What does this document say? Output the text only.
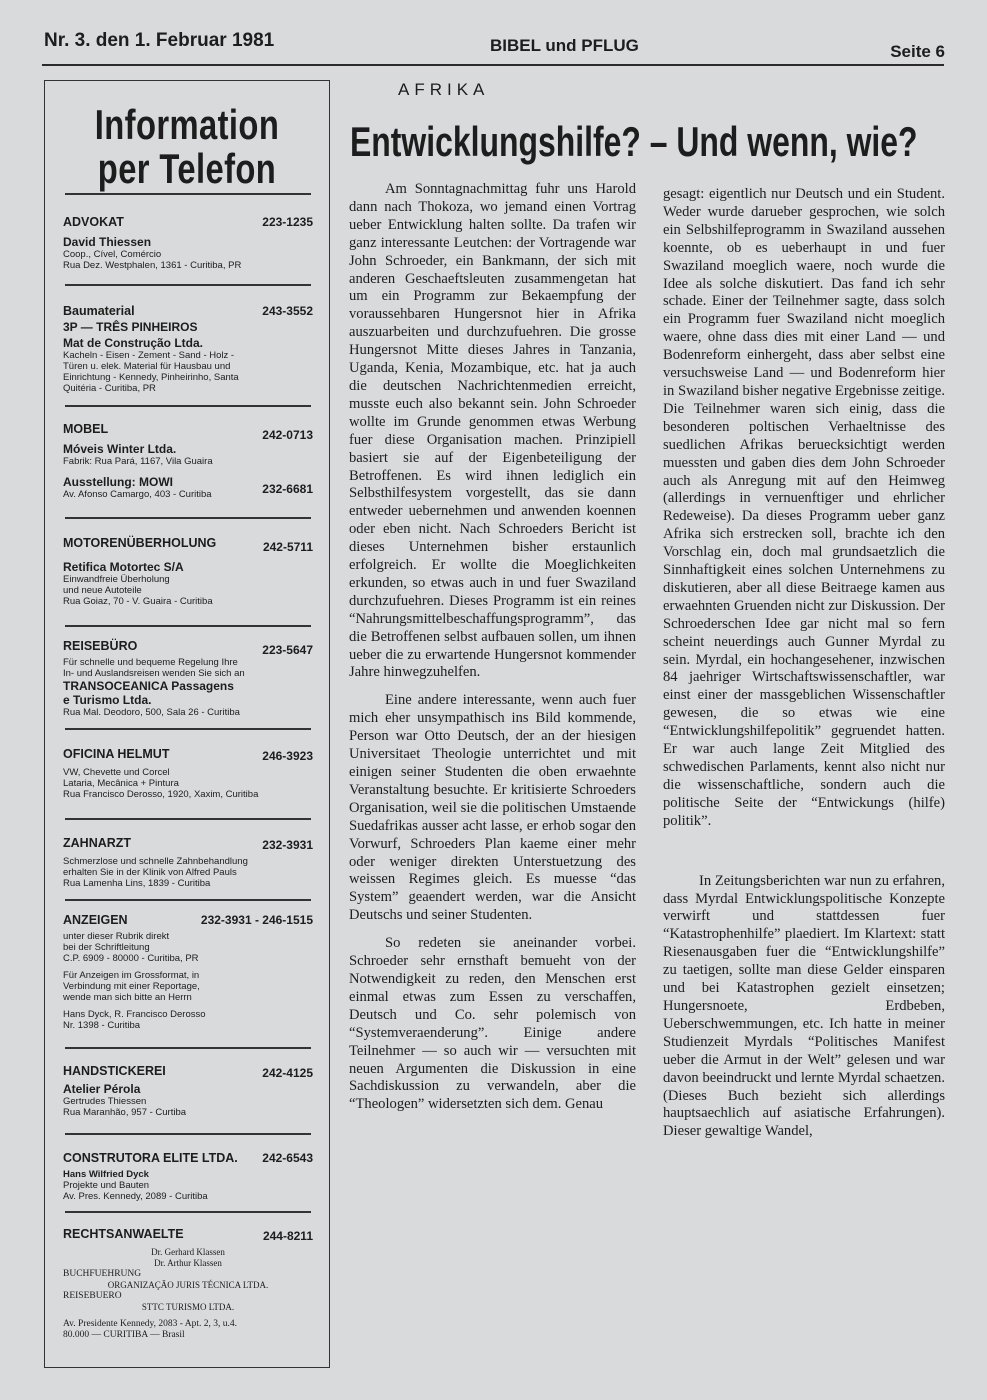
Nr. 3. den 1. Februar 1981	BIBEL und PFLUG	Seite 6
Information
per Telefon
ADVOKAT	223-1235
David Thiessen
Coop., Cível, Comércio
Rua Dez. Westphalen, 1361 - Curitiba, PR
Baumaterial	243-3552
3P — TRÊS PINHEIROS
Mat de Construção Ltda.
Kacheln - Eisen - Zement - Sand - Holz -
Türen u. elek. Material für Hausbau und
Einrichtung - Kennedy, Pinheirinho, Santa
Quitéria - Curitiba, PR
MOBEL	242-0713
Móveis Winter Ltda.
Fabrik: Rua Pará, 1167, Vila Guaira
Ausstellung: MOWI	232-6681
Av. Afonso Camargo, 403 - Curitiba
MOTORENÜBERHOLUNG	242-5711
Retifica Motortec S/A
Einwandfreie Überholung
und neue Autoteile
Rua Goiaz, 70 - V. Guaira - Curitiba
REISEBÜRO	223-5647
Für schnelle und bequeme Regelung Ihre
In- und Auslandsreisen wenden Sie sich an
TRANSOCEANICA Passagens
e Turismo Ltda.
Rua Mal. Deodoro, 500, Sala 26 - Curitiba
OFICINA HELMUT	246-3923
VW, Chevette und Corcel
Lataria, Mecânica + Pintura
Rua Francisco Derosso, 1920, Xaxim, Curitiba
ZAHNARZT	232-3931
Schmerzlose und schnelle Zahnbehandlung
erhalten Sie in der Klinik von Alfred Pauls
Rua Lamenha Lins, 1839 - Curitiba
ANZEIGEN	232-3931 - 246-1515
unter dieser Rubrik direkt
bei der Schriftleitung
C.P. 6909 - 80000 - Curitiba, PR
Für Anzeigen im Grossformat, in
Verbindung mit einer Reportage,
wende man sich bitte an Herrn
Hans Dyck, R. Francisco Derosso
Nr. 1398 - Curitiba
HANDSTICKEREI	242-4125
Atelier Pérola
Gertrudes Thiessen
Rua Maranhão, 957 - Curtiba
CONSTRUTORA ELITE LTDA.	242-6543
Hans Wilfried Dyck
Projekte und Bauten
Av. Pres. Kennedy, 2089 - Curitiba
RECHTSANWAELTE	244-8211
Dr. Gerhard Klassen
Dr. Arthur Klassen
BUCHFUEHRUNG
ORGANIZAÇÃO JURIS TÉCNICA LTDA.
REISEBUERO
STTC TURISMO LTDA.
Av. Presidente Kennedy, 2083 - Apt. 2, 3, u.4.
80.000 — CURITIBA — Brasil
AFRIKA
Entwicklungshilfe? – Und wenn, wie?

Am Sonntagnachmittag fuhr uns Harold dann nach Thokoza, wo jemand einen Vortrag ueber Entwicklung halten sollte. Da trafen wir ganz interessante Leutchen: der Vortragende war John Schroeder, ein Bankmann, der sich mit anderen Geschaeftsleuten zusammengetan hat um ein Programm zur Bekaempfung der voraussehbaren Hungersnot hier in Afrika auszuarbeiten und durchzufuehren. Die grosse Hungersnot Mitte dieses Jahres in Tanzania, Uganda, Kenia, Mozambique, etc. hat ja auch die deutschen Nachrichtenmedien erreicht, musste euch also bekannt sein. John Schroeder wollte im Grunde genommen etwas Werbung fuer diese Organisation machen. Prinzipiell basiert sie auf der Eigenbeteiligung der Betroffenen. Es wird ihnen lediglich ein Selbsthilfesystem vorgestellt, das sie dann entweder uebernehmen und anwenden koennen oder eben nicht. Nach Schroeders Bericht ist dieses Unternehmen bisher erstaunlich erfolgreich. Er wollte die Moeglichkeiten erkunden, so etwas auch in und fuer Swaziland durchzufuehren. Dieses Programm ist ein reines “Nahrungsmittelbeschaffungsprogramm”, das die Betroffenen selbst aufbauen sollen, um ihnen ueber die zu erwartende Hungersnot kommender Jahre hinwegzuhelfen.

Eine andere interessante, wenn auch fuer mich eher unsympathisch ins Bild kommende, Person war Otto Deutsch, der an der hiesigen Universitaet Theologie unterrichtet und mit einigen seiner Studenten die oben erwaehnte Veranstaltung besuchte. Er kritisierte Schroeders Organisation, weil sie die politischen Umstaende Suedafrikas ausser acht lasse, er erhob sogar den Vorwurf, Schroeders Plan kaeme einer mehr oder weniger direkten Unterstuetzung des weissen Regimes gleich. Es muesse “das System” geaendert werden, war die Ansicht Deutschs und seiner Studenten.

So redeten sie aneinander vorbei. Schroeder sehr ernsthaft bemueht von der Notwendigkeit zu reden, den Menschen erst einmal etwas zum Essen zu verschaffen, Deutsch und Co. sehr polemisch von “Systemveraenderung”. Einige andere Teilnehmer — so auch wir — versuchten mit neuen Argumenten die Diskussion in eine Sachdiskussion zu verwandeln, aber die “Theologen” widersetzten sich dem. Genau

gesagt: eigentlich nur Deutsch und ein Student. Weder wurde darueber gesprochen, wie solch ein Selbshilfeprogramm in Swaziland aussehen koennte, ob es ueberhaupt in und fuer Swaziland moeglich waere, noch wurde die Idee als solche diskutiert. Das fand ich sehr schade. Einer der Teilnehmer sagte, dass solch ein Programm fuer Swaziland nicht moeglich waere, ohne dass dies mit einer Land — und Bodenreform einhergeht, dass aber selbst eine versuchsweise Land — und Bodenreform hier in Swaziland bisher negative Ergebnisse zeitige. Die Teilnehmer waren sich einig, dass die besonderen poltischen Verhaeltnisse des suedlichen Afrikas beruecksichtigt werden muessten und gaben dies dem John Schroeder auch als Anregung mit auf den Heimweg (allerdings in vernuenftiger und ehrlicher Redeweise). Da dieses Programm ueber ganz Afrika sich erstrecken soll, brachte ich den Vorschlag ein, doch mal grundsaetzlich die Sinnhaftigkeit eines solchen Unternehmens zu diskutieren, aber all diese Beitraege kamen aus erwaehnten Gruenden nicht zur Diskussion. Der Schroederschen Idee gar nicht mal so fern scheint neuerdings auch Gunner Myrdal zu sein. Myrdal, ein hochangesehener, inzwischen 84 jaehriger Wirtschaftswissenschaftler, war einst einer der massgeblichen Wissenschaftler gewesen, die so etwas wie eine “Entwicklungshilfepolitik” gegruendet hatten. Er war auch lange Zeit Mitglied des schwedischen Parlaments, kennt also nicht nur die wissenschaftliche, sondern auch die politische Seite der “Entwickungs (hilfe) politik”.

In Zeitungsberichten war nun zu erfahren, dass Myrdal Entwicklungspolitische Konzepte verwirft und stattdessen fuer “Katastrophenhilfe” plaediert. Im Klartext: statt Riesenausgaben fuer die “Entwicklungshilfe” zu taetigen, sollte man diese Gelder einsparen und bei Katastrophen gezielt einsetzen; Hungersnoete, Erdbeben, Ueberschwemmungen, etc. Ich hatte in meiner Studienzeit Myrdals “Politisches Manifest ueber die Armut in der Welt” gelesen und war davon beeindruckt und lernte Myrdal schaetzen. (Dieses Buch bezieht sich allerdings hauptsaechlich auf asiatische Erfahrungen). Dieser gewaltige Wandel,
